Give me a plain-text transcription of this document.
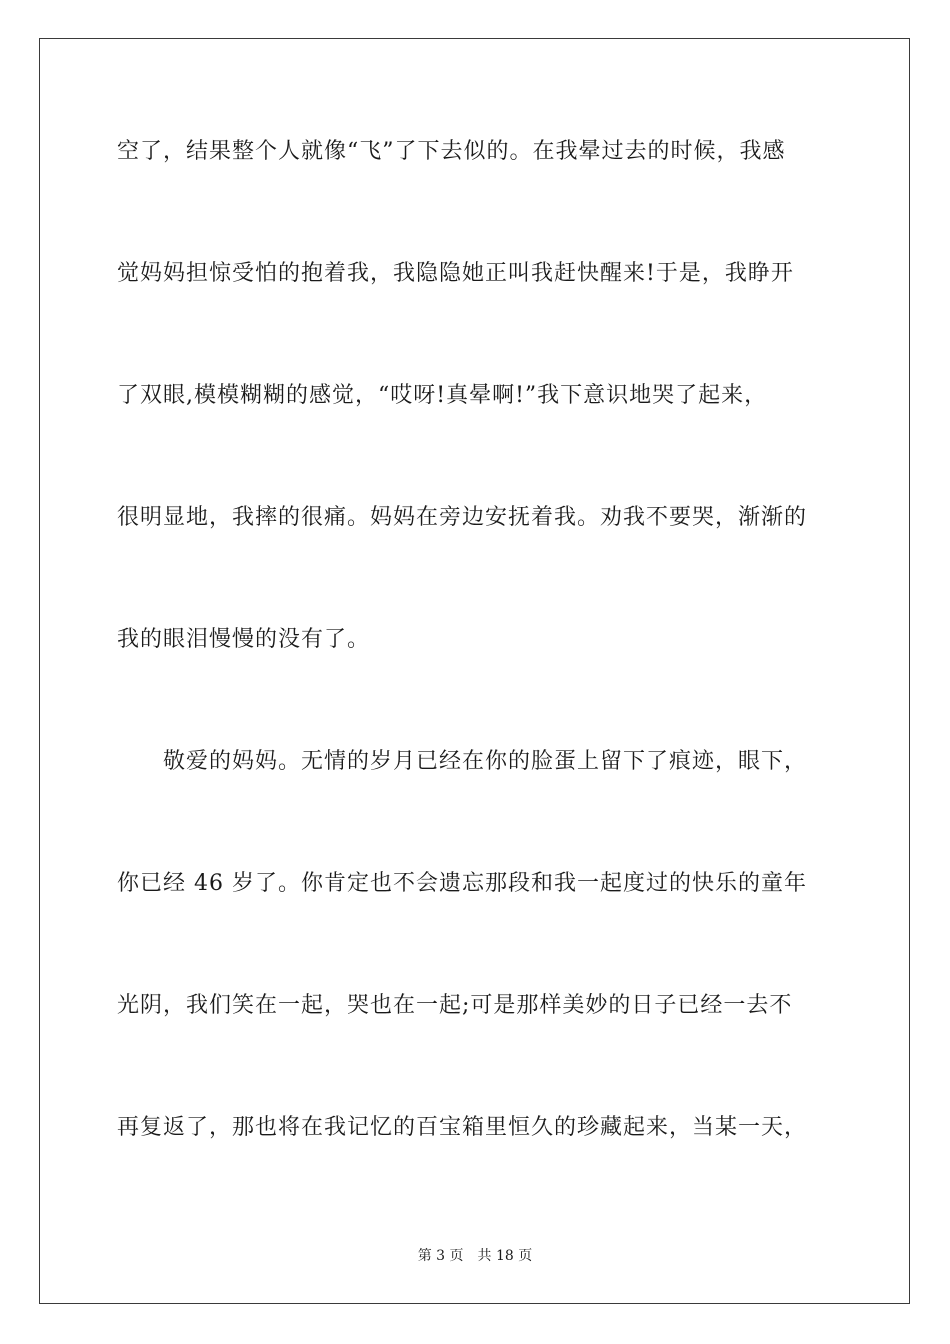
空了，结果整个人就像“飞”了下去似的。在我晕过去的时候，我感
觉妈妈担惊受怕的抱着我，我隐隐她正叫我赶快醒来!于是，我睁开
了双眼,模模糊糊的感觉，“哎呀!真晕啊!”我下意识地哭了起来，
很明显地，我摔的很痛。妈妈在旁边安抚着我。劝我不要哭，渐渐的
我的眼泪慢慢的没有了。
敬爱的妈妈。无情的岁月已经在你的脸蛋上留下了痕迹，眼下，
你已经 46 岁了。你肯定也不会遗忘那段和我一起度过的快乐的童年
光阴，我们笑在一起，哭也在一起;可是那样美妙的日子已经一去不
再复返了，那也将在我记忆的百宝箱里恒久的珍藏起来，当某一天，
第 3 页 共 18 页
